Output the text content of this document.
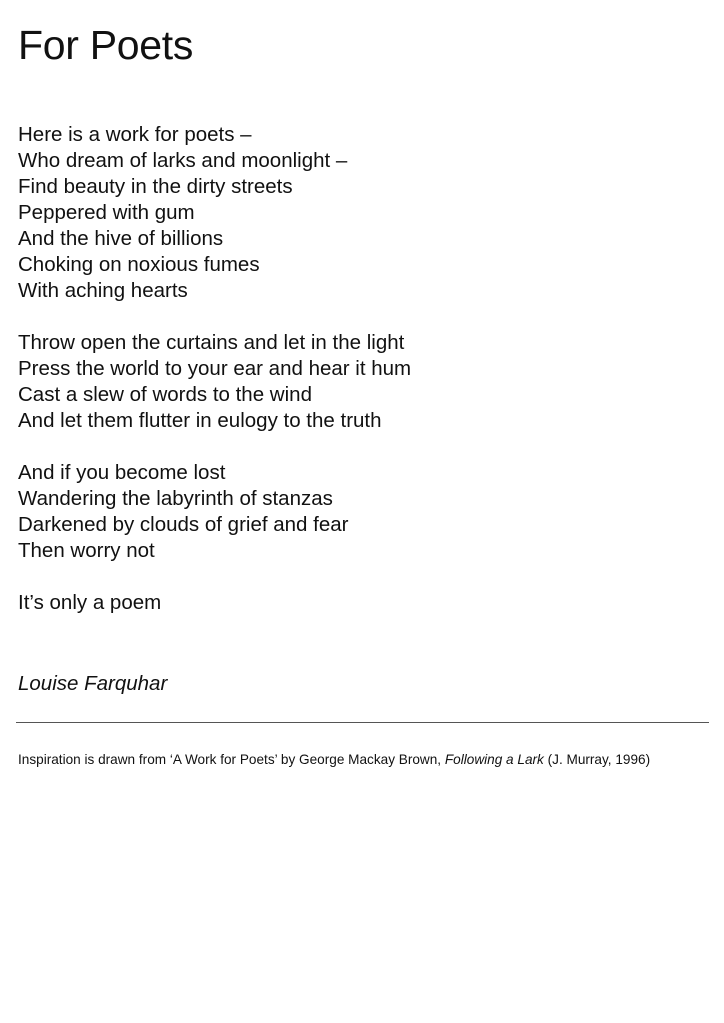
For Poets
Here is a work for poets –
Who dream of larks and moonlight –
Find beauty in the dirty streets
Peppered with gum
And the hive of billions
Choking on noxious fumes
With aching hearts
Throw open the curtains and let in the light
Press the world to your ear and hear it hum
Cast a slew of words to the wind
And let them flutter in eulogy to the truth
And if you become lost
Wandering the labyrinth of stanzas
Darkened by clouds of grief and fear
Then worry not
It’s only a poem
Louise Farquhar
Inspiration is drawn from ‘A Work for Poets’ by George Mackay Brown, Following a Lark (J. Murray, 1996)
